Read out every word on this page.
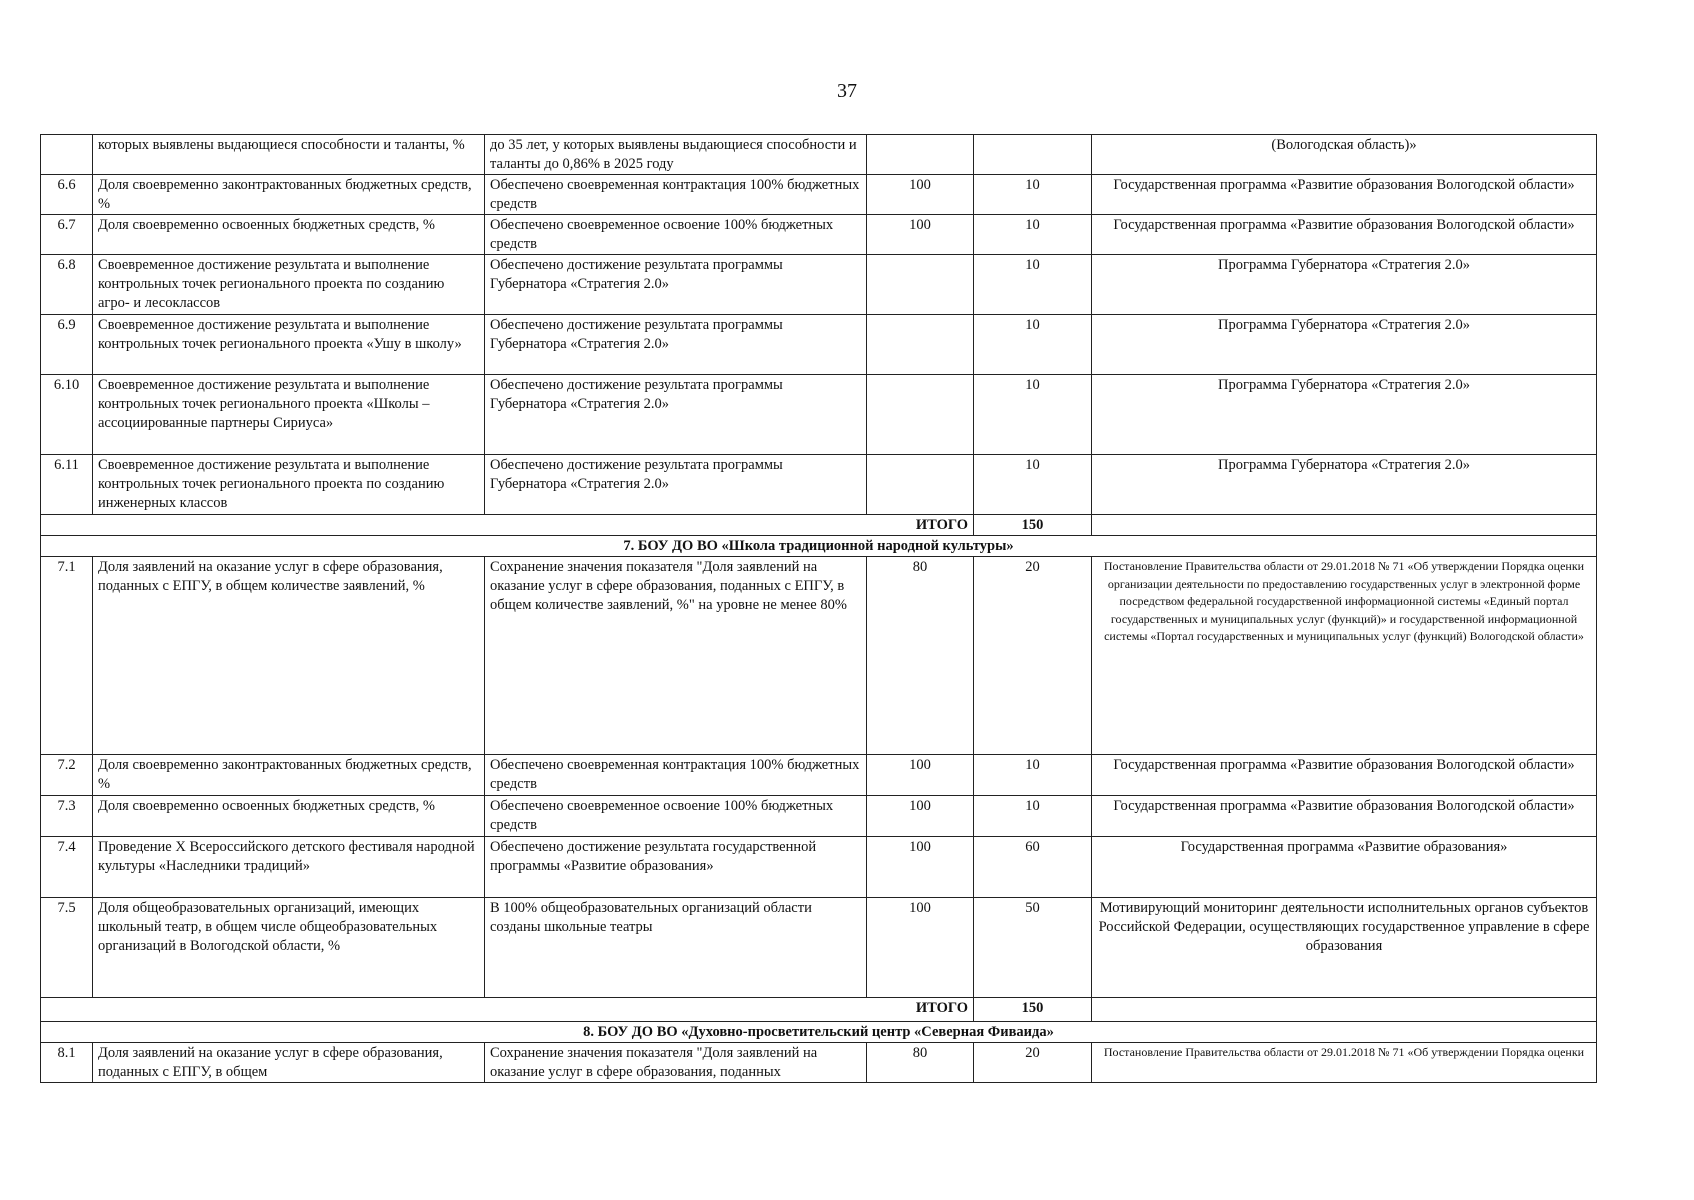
37
	которых выявлены выдающиеся способности и таланты, %	до 35 лет, у которых выявлены выдающиеся способности и таланты до 0,86% в 2025 году			(Вологодская область)»
6.6	Доля своевременно законтрактованных бюджетных средств, %	Обеспечено своевременная контрактация 100% бюджетных средств	100	10	Государственная программа «Развитие образования Вологодской области»
6.7	Доля своевременно освоенных бюджетных средств, %	Обеспечено своевременное освоение 100% бюджетных средств	100	10	Государственная программа «Развитие образования Вологодской области»
6.8	Своевременное достижение результата и выполнение контрольных точек регионального проекта по созданию агро- и лесоклассов	Обеспечено достижение результата программы Губернатора «Стратегия 2.0»		10	Программа Губернатора «Стратегия 2.0»
6.9	Своевременное достижение результата и выполнение контрольных точек регионального проекта «Ушу в школу»	Обеспечено достижение результата программы Губернатора «Стратегия 2.0»		10	Программа Губернатора «Стратегия 2.0»
6.10	Своевременное достижение результата и выполнение контрольных точек регионального проекта «Школы – ассоциированные партнеры Сириуса»	Обеспечено достижение результата программы Губернатора «Стратегия 2.0»		10	Программа Губернатора «Стратегия 2.0»
6.11	Своевременное достижение результата и выполнение контрольных точек регионального проекта по созданию инженерных классов	Обеспечено достижение результата программы Губернатора «Стратегия 2.0»		10	Программа Губернатора «Стратегия 2.0»
ИТОГО				150	
7. БОУ ДО ВО «Школа традиционной народной культуры»					
7.1	Доля заявлений на оказание услуг в сфере образования, поданных с ЕПГУ, в общем количестве заявлений, %	Сохранение значения показателя "Доля заявлений на оказание услуг в сфере образования, поданных с ЕПГУ, в общем количестве заявлений, %" на уровне не менее 80%	80	20	Постановление Правительства области от 29.01.2018 № 71 «Об утверждении Порядка оценки организации деятельности по предоставлению государственных услуг в электронной форме посредством федеральной государственной информационной системы «Единый портал государственных и муниципальных услуг (функций)» и государственной информационной системы «Портал государственных и муниципальных услуг (функций) Вологодской области»
7.2	Доля своевременно законтрактованных бюджетных средств, %	Обеспечено своевременная контрактация 100% бюджетных средств	100	10	Государственная программа «Развитие образования Вологодской области»
7.3	Доля своевременно освоенных бюджетных средств, %	Обеспечено своевременное освоение 100% бюджетных средств	100	10	Государственная программа «Развитие образования Вологодской области»
7.4	Проведение X Всероссийского детского фестиваля народной культуры «Наследники традиций»	Обеспечено достижение результата государственной программы «Развитие образования»	100	60	Государственная программа «Развитие образования»
7.5	Доля общеобразовательных организаций, имеющих школьный театр, в общем числе общеобразовательных организаций в Вологодской области, %	В 100% общеобразовательных организаций области созданы школьные театры	100	50	Мотивирующий мониторинг деятельности исполнительных органов субъектов Российской Федерации, осуществляющих государственное управление в сфере образования
ИТОГО				150	
8. БОУ ДО ВО «Духовно-просветительский центр «Северная Фиваида»					
8.1	Доля заявлений на оказание услуг в сфере образования, поданных с ЕПГУ, в общем	Сохранение значения показателя "Доля заявлений на оказание услуг в сфере образования, поданных	80	20	Постановление Правительства области от 29.01.2018 № 71 «Об утверждении Порядка оценки
